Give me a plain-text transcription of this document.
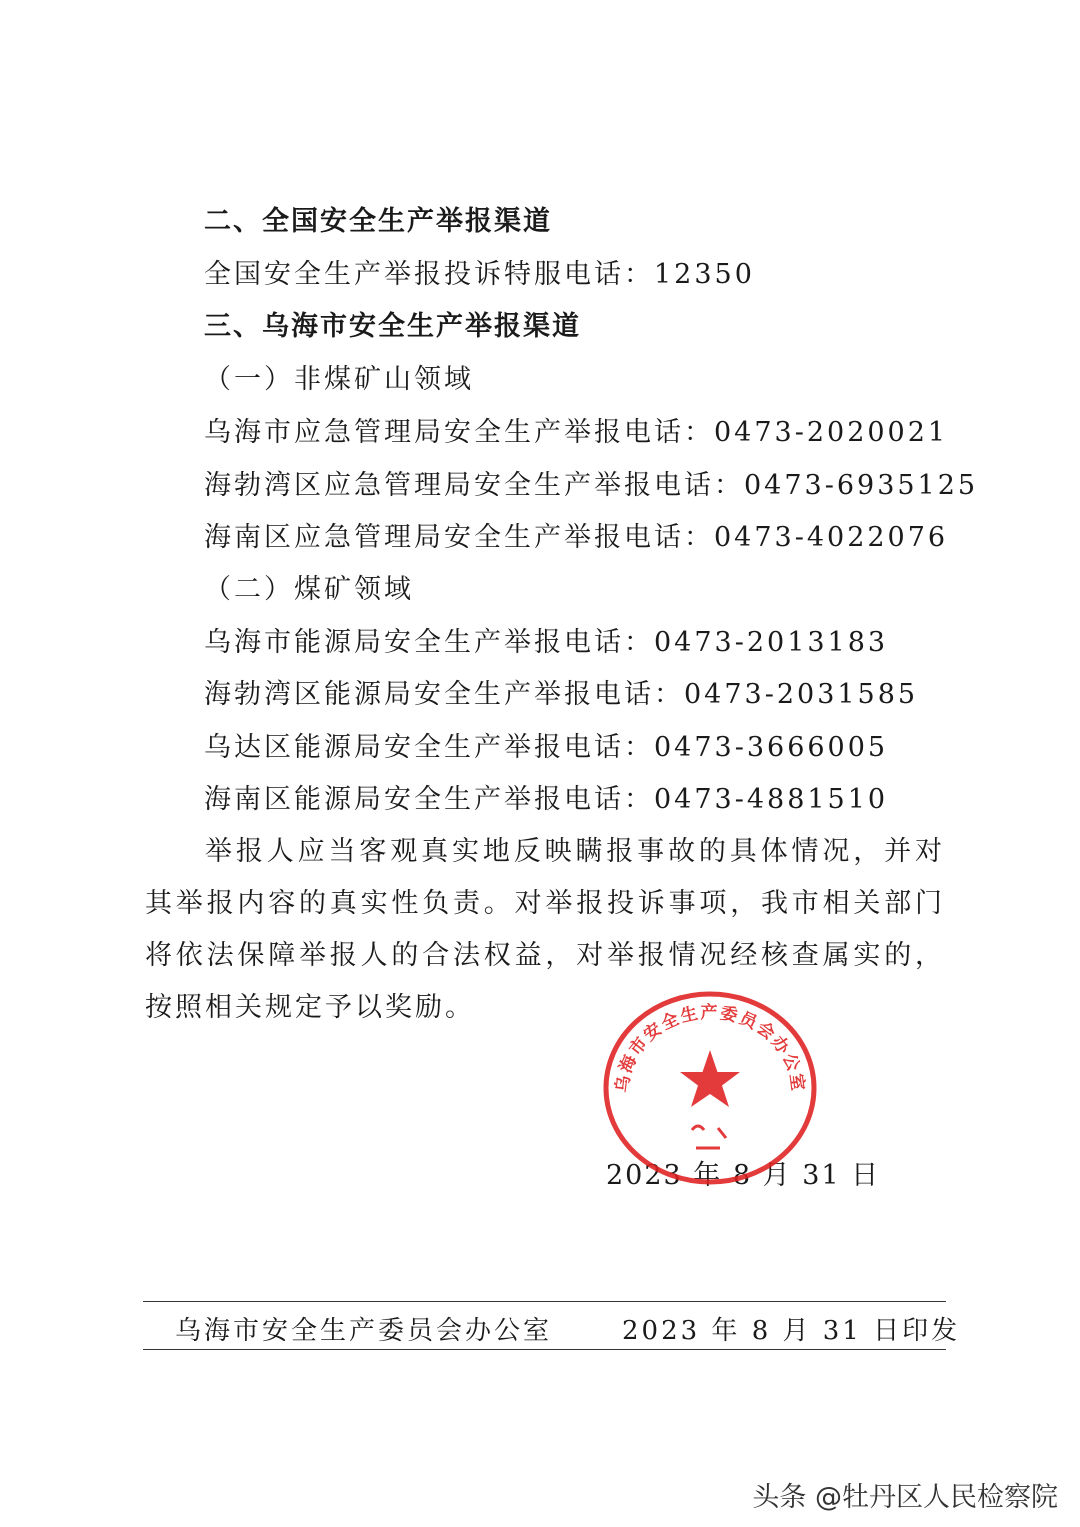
二、全国安全生产举报渠道
全国安全生产举报投诉特服电话：12350
三、乌海市安全生产举报渠道
（一）非煤矿山领域
乌海市应急管理局安全生产举报电话：0473-2020021
海勃湾区应急管理局安全生产举报电话：0473-6935125
海南区应急管理局安全生产举报电话：0473-4022076
（二）煤矿领域
乌海市能源局安全生产举报电话：0473-2013183
海勃湾区能源局安全生产举报电话：0473-2031585
乌达区能源局安全生产举报电话：0473-3666005
海南区能源局安全生产举报电话：0473-4881510

举报人应当客观真实地反映瞒报事故的具体情况，并对其举报内容的真实性负责。对举报投诉事项，我市相关部门将依法保障举报人的合法权益，对举报情况经核查属实的，按照相关规定予以奖励。

2023 年 8 月 31 日
乌海市安全生产委员会办公室
乌海市安全生产委员会办公室	2023 年 8 月 31 日印发
头条 @牡丹区人民检察院
